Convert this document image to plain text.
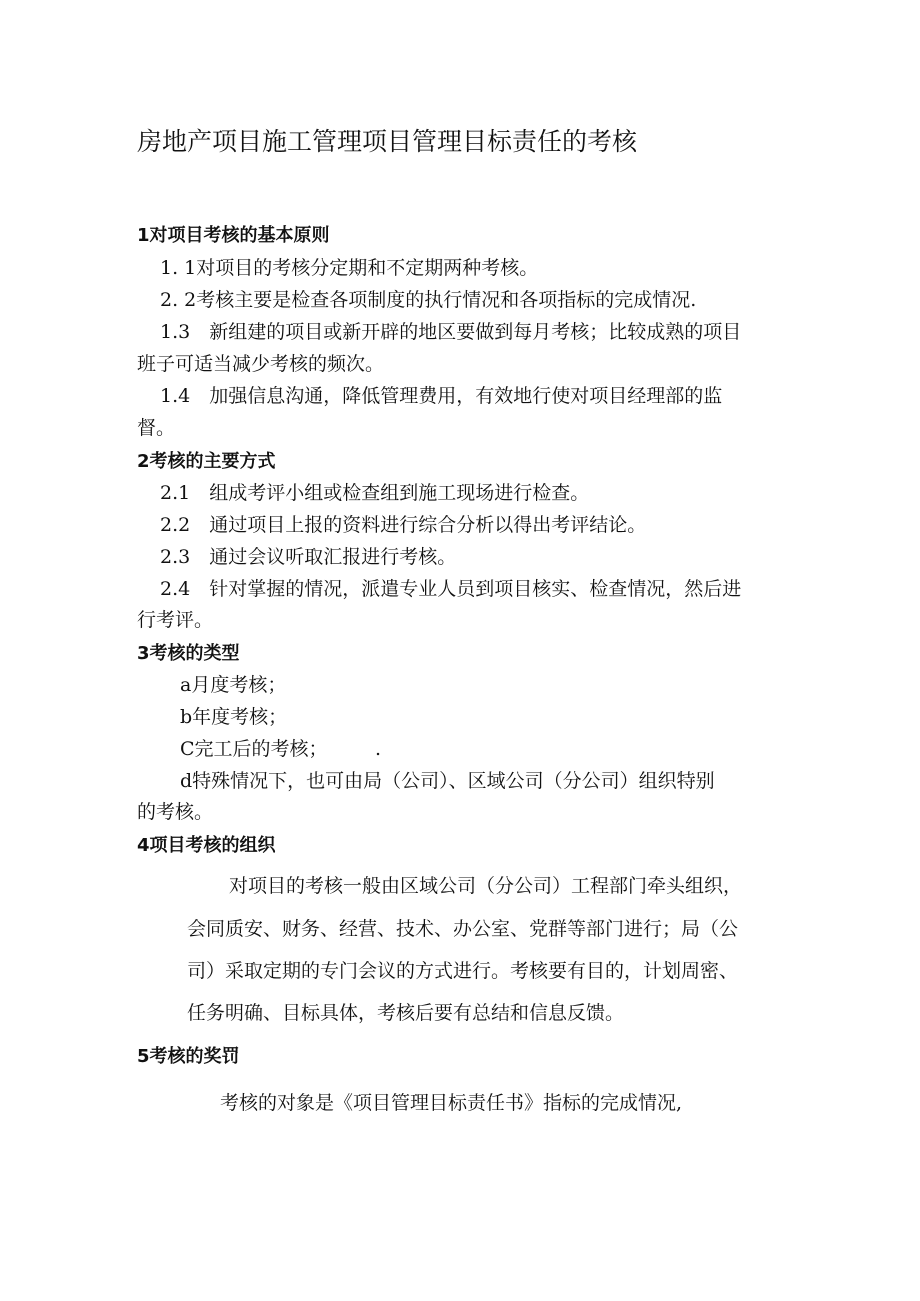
房地产项目施工管理项目管理目标责任的考核
1对项目考核的基本原则
1. 1对项目的考核分定期和不定期两种考核。
2. 2考核主要是检查各项制度的执行情况和各项指标的完成情况.
1.3　新组建的项目或新开辟的地区要做到每月考核；比较成熟的项目
班子可适当减少考核的频次。
1.4　加强信息沟通，降低管理费用，有效地行使对项目经理部的监
督。
2考核的主要方式
2.1　组成考评小组或检查组到施工现场进行检查。
2.2　通过项目上报的资料进行综合分析以得出考评结论。
2.3　通过会议听取汇报进行考核。
2.4　针对掌握的情况，派遣专业人员到项目核实、检查情况，然后进
行考评。
3考核的类型
a月度考核；
b年度考核；
C完工后的考核；　　　.
d特殊情况下，也可由局（公司）、区域公司（分公司）组织特别
的考核。
4项目考核的组织
对项目的考核一般由区域公司（分公司）工程部门牵头组织，
会同质安、财务、经营、技术、办公室、党群等部门进行；局（公
司）采取定期的专门会议的方式进行。考核要有目的，计划周密、
任务明确、目标具体，考核后要有总结和信息反馈。
5考核的奖罚
考核的对象是《项目管理目标责任书》指标的完成情况,
